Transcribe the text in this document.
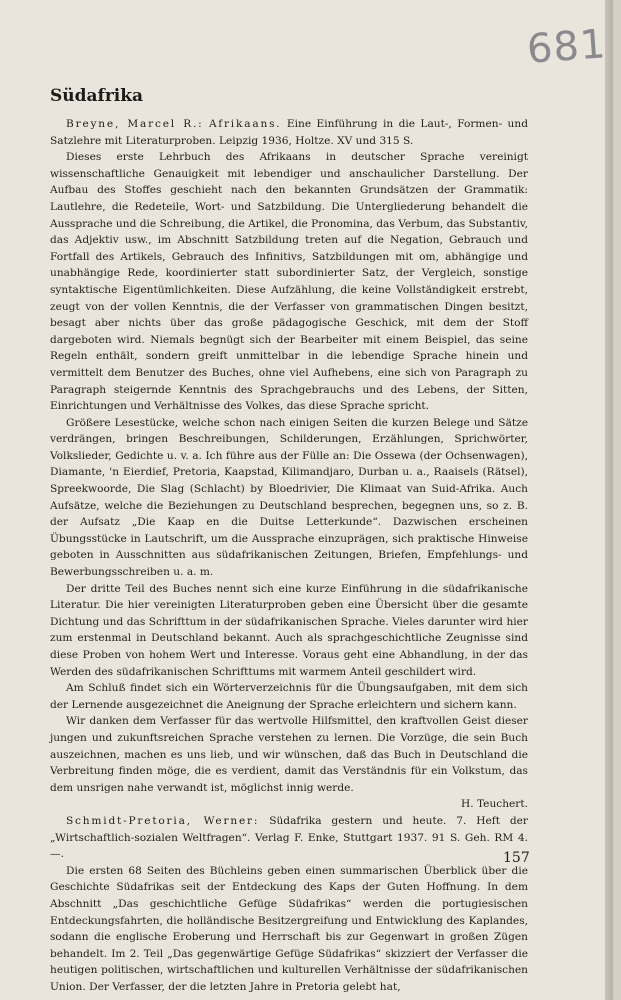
681
Südafrika

Breyne, Marcel R.: Afrikaans. Eine Einführung in die Laut-, Formen- und Satzlehre mit Literaturproben. Leipzig 1936, Holtze. XV und 315 S.

Dieses erste Lehrbuch des Afrikaans in deutscher Sprache vereinigt wissenschaftliche Genauigkeit mit lebendiger und anschaulicher Darstellung. Der Aufbau des Stoffes geschieht nach den bekannten Grundsätzen der Grammatik: Lautlehre, die Redeteile, Wort- und Satzbildung. Die Untergliederung behandelt die Aussprache und die Schreibung, die Artikel, die Pronomina, das Verbum, das Substantiv, das Adjektiv usw., im Abschnitt Satzbildung treten auf die Negation, Gebrauch und Fortfall des Artikels, Gebrauch des Infinitivs, Satzbildungen mit om, abhängige und unabhängige Rede, koordinierter statt subordinierter Satz, der Vergleich, sonstige syntaktische Eigentümlichkeiten. Diese Aufzählung, die keine Vollständigkeit erstrebt, zeugt von der vollen Kenntnis, die der Verfasser von grammatischen Dingen besitzt, besagt aber nichts über das große pädagogische Geschick, mit dem der Stoff dargeboten wird. Niemals begnügt sich der Bearbeiter mit einem Beispiel, das seine Regeln enthält, sondern greift unmittelbar in die lebendige Sprache hinein und vermittelt dem Benutzer des Buches, ohne viel Aufhebens, eine sich von Paragraph zu Paragraph steigernde Kenntnis des Sprachgebrauchs und des Lebens, der Sitten, Einrichtungen und Verhältnisse des Volkes, das diese Sprache spricht.

Größere Lesestücke, welche schon nach einigen Seiten die kurzen Belege und Sätze verdrängen, bringen Beschreibungen, Schilderungen, Erzählungen, Sprichwörter, Volkslieder, Gedichte u. v. a. Ich führe aus der Fülle an: Die Ossewa (der Ochsenwagen), Diamante, 'n Eierdief, Pretoria, Kaapstad, Kilimandjaro, Durban u. a., Raaisels (Rätsel), Spreekwoorde, Die Slag (Schlacht) by Bloedrivier, Die Klimaat van Suid-Afrika. Auch Aufsätze, welche die Beziehungen zu Deutschland besprechen, begegnen uns, so z. B. der Aufsatz „Die Kaap en die Duitse Letterkunde“. Dazwischen erscheinen Übungsstücke in Lautschrift, um die Aussprache einzuprägen, sich praktische Hinweise geboten in Ausschnitten aus südafrikanischen Zeitungen, Briefen, Empfehlungs- und Bewerbungsschreiben u. a. m.

Der dritte Teil des Buches nennt sich eine kurze Einführung in die südafrikanische Literatur. Die hier vereinigten Literaturproben geben eine Übersicht über die gesamte Dichtung und das Schrifttum in der südafrikanischen Sprache. Vieles darunter wird hier zum erstenmal in Deutschland bekannt. Auch als sprachgeschichtliche Zeugnisse sind diese Proben von hohem Wert und Interesse. Voraus geht eine Abhandlung, in der das Werden des südafrikanischen Schrifttums mit warmem Anteil geschildert wird.

Am Schluß findet sich ein Wörterverzeichnis für die Übungsaufgaben, mit dem sich der Lernende ausgezeichnet die Aneignung der Sprache erleichtern und sichern kann.

Wir danken dem Verfasser für das wertvolle Hilfsmittel, den kraftvollen Geist dieser jungen und zukunftsreichen Sprache verstehen zu lernen. Die Vorzüge, die sein Buch auszeichnen, machen es uns lieb, und wir wünschen, daß das Buch in Deutschland die Verbreitung finden möge, die es verdient, damit das Verständnis für ein Volkstum, das dem unsrigen nahe verwandt ist, möglichst innig werde.

H. Teuchert.

Schmidt-Pretoria, Werner: Südafrika gestern und heute. 7. Heft der „Wirtschaftlich-sozialen Weltfragen“. Verlag F. Enke, Stuttgart 1937. 91 S. Geh. RM 4.—.

Die ersten 68 Seiten des Büchleins geben einen summarischen Überblick über die Geschichte Südafrikas seit der Entdeckung des Kaps der Guten Hoffnung. In dem Abschnitt „Das geschichtliche Gefüge Südafrikas“ werden die portugiesischen Entdeckungsfahrten, die holländische Besitzergreifung und Entwicklung des Kaplandes, sodann die englische Eroberung und Herrschaft bis zur Gegenwart in großen Zügen behandelt. Im 2. Teil „Das gegenwärtige Gefüge Südafrikas“ skizziert der Verfasser die heutigen politischen, wirtschaftlichen und kulturellen Verhältnisse der südafrikanischen Union. Der Verfasser, der die letzten Jahre in Pretoria gelebt hat,

157
